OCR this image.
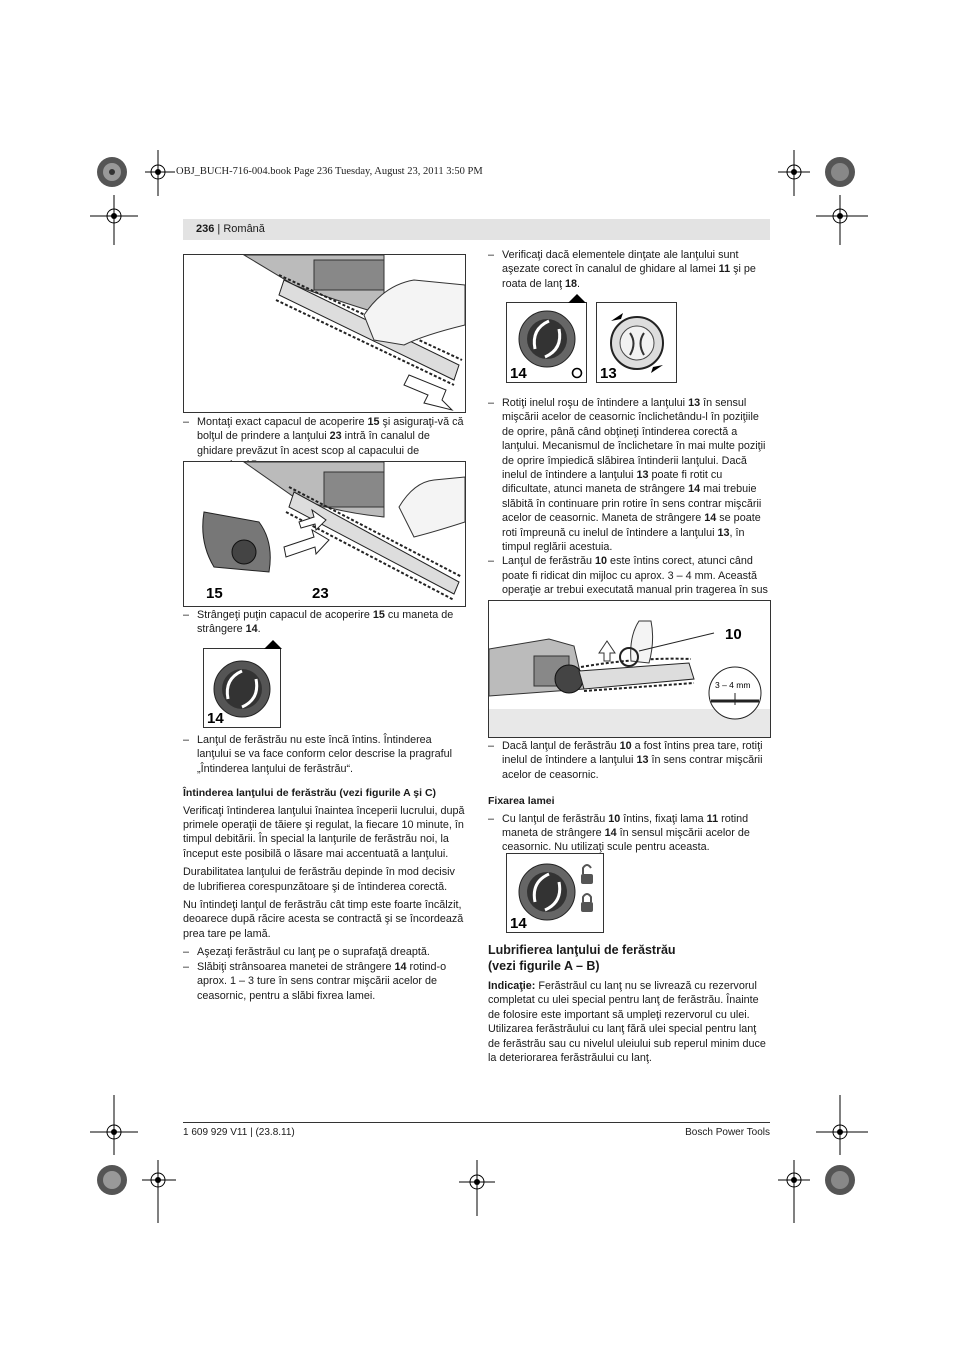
OBJ_BUCH-716-004.book Page 236 Tuesday, August 23, 2011 3:50 PM
236 | Română

– Montaţi exact capacul de acoperire 15 şi asiguraţi-vă că bolţul de prindere a lanţului 23 intră în canalul de ghidare prevăzut în acest scop al capacului de

15	23

– Strângeţi puţin capacul de acoperire 15 cu maneta de strângere 14.

14

– Lanţul de ferăstrău nu este încă întins. Întinderea lanţului se va face conform celor descrise la pragraful „Întinderea lanţului de ferăstrău“.

Întinderea lanţului de ferăstrău (vezi figurile A şi C)

Verificaţi întinderea lanţului înaintea începerii lucrului, după primele operaţii de tăiere şi regulat, la fiecare 10 minute, în timpul debitării. În special la lanţurile de ferăstrău noi, la început este posibilă o lăsare mai accentuată a lanţului.

Durabilitatea lanţului de ferăstrău depinde în mod decisiv de lubrifierea corespunzătoare şi de întinderea corectă.

Nu întindeţi lanţul de ferăstrău cât timp este foarte încălzit, deoarece după răcire acesta se contractă şi se încordează prea tare pe lamă.

– Aşezaţi ferăstrăul cu lanţ pe o suprafaţă dreaptă.

– Slăbiţi strânsoarea manetei de strângere 14 rotind-o aprox. 1 – 3 ture în sens contrar mişcării acelor de ceasornic, pentru a slăbi fixrea lamei.

– Verificaţi dacă elementele dinţate ale lanţului sunt aşezate corect în canalul de ghidare al lamei 11 şi pe roata de lanţ 18.

14	13

– Rotiţi inelul roşu de întindere a lanţului 13 în sensul mişcării acelor de ceasornic înclichetându-l în poziţiile de oprire, până când obţineţi întinderea corectă a lanţului. Mecanismul de înclichetare în mai multe poziţii de oprire împiedică slăbirea întinderii lanţului. Dacă inelul de întindere a lanţului 13 poate fi rotit cu dificultate, atunci maneta de strângere 14 mai trebuie slăbită în continuare prin rotire în sens contrar mişcării acelor de ceasornic. Maneta de strângere 14 se poate roti împreună cu inelul de întindere a lanţului 13, în timpul reglării acestuia.

– Lanţul de ferăstrău 10 este întins corect, atunci când poate fi ridicat din mijloc cu aprox. 3 – 4 mm. Această operaţie ar trebui executată manual prin tragerea în sus

10
3 – 4 mm

– Dacă lanţul de ferăstrău 10 a fost întins prea tare, rotiţi inelul de întindere a lanţului 13 în sens contrar mişcării acelor de ceasornic.

Fixarea lamei

– Cu lanţul de ferăstrău 10 întins, fixaţi lama 11 rotind maneta de strângere 14 în sensul mişcării acelor de ceasornic. Nu utilizaţi scule pentru aceasta.

14

Lubrifierea lanţului de ferăstrău
(vezi figurile A – B)

Indicaţie: Ferăstrăul cu lanţ nu se livrează cu rezervorul completat cu ulei special pentru lanţ de ferăstrău. Înainte de folosire este important să umpleţi rezervorul cu ulei. Utilizarea ferăstrăului cu lanţ fără ulei special pentru lanţ de ferăstrău sau cu nivelul uleiului sub reperul minim duce la deteriorarea ferăstrăului cu lanţ.

1 609 929 V11 | (23.8.11)	Bosch Power Tools
